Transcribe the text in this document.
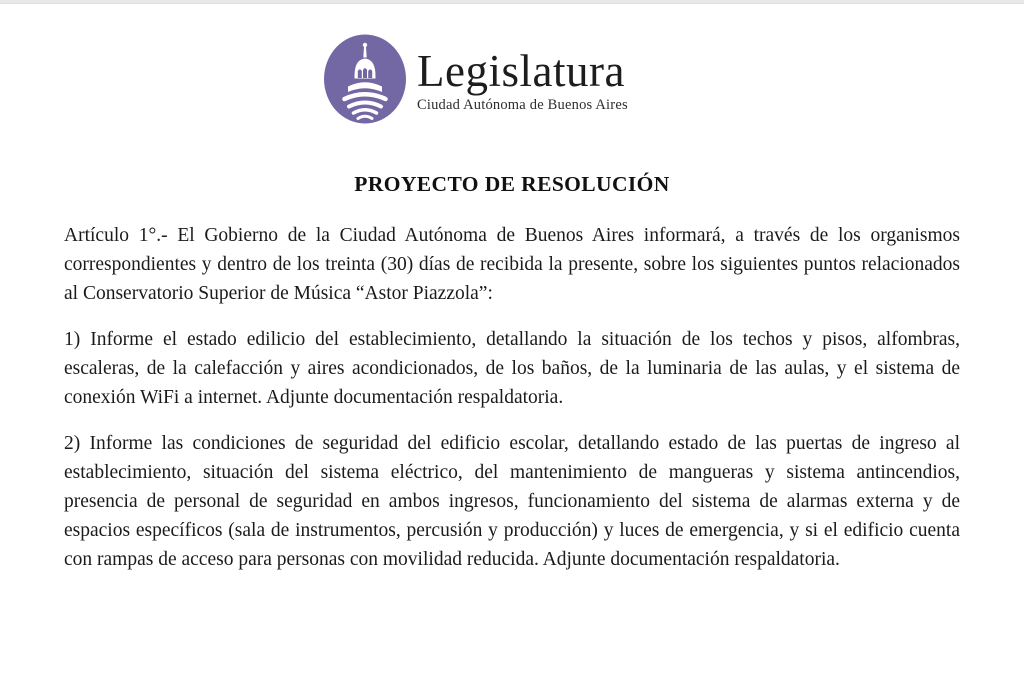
Legislatura
Ciudad Autónoma de Buenos Aires
PROYECTO DE RESOLUCIÓN

Artículo 1°.- El Gobierno de la Ciudad Autónoma de Buenos Aires informará, a través de los organismos correspondientes y dentro de los treinta (30) días de recibida la presente, sobre los siguientes puntos relacionados al Conservatorio Superior de Música “Astor Piazzola”:

1) Informe el estado edilicio del establecimiento, detallando la situación de los techos y pisos, alfombras, escaleras, de la calefacción y aires acondicionados, de los baños, de la luminaria de las aulas, y el sistema de conexión WiFi a internet. Adjunte documentación respaldatoria.

2) Informe las condiciones de seguridad del edificio escolar, detallando estado de las puertas de ingreso al establecimiento, situación del sistema eléctrico, del mantenimiento de mangueras y sistema antincendios, presencia de personal de seguridad en ambos ingresos, funcionamiento del sistema de alarmas externa y de espacios específicos (sala de instrumentos, percusión y producción) y luces de emergencia, y si el edificio cuenta con rampas de acceso para personas con movilidad reducida. Adjunte documentación respaldatoria.
